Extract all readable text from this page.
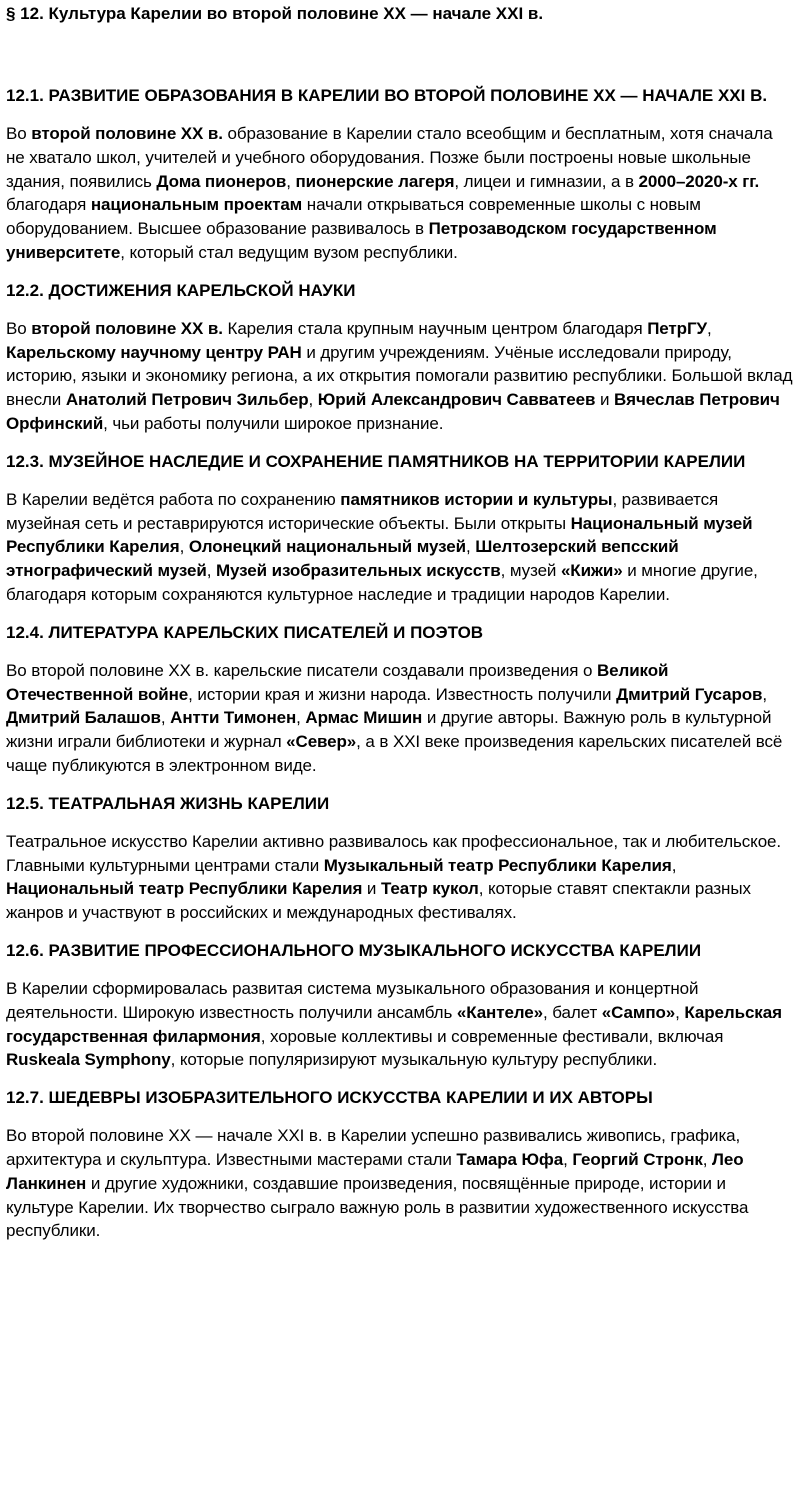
§ 12. Культура Карелии во второй половине XX — начале XXI в.
12.1. РАЗВИТИЕ ОБРАЗОВАНИЯ В КАРЕЛИИ ВО ВТОРОЙ ПОЛОВИНЕ XX — НАЧАЛЕ XXI В.
Во второй половине XX в. образование в Карелии стало всеобщим и бесплатным, хотя сначала не хватало школ, учителей и учебного оборудования. Позже были построены новые школьные здания, появились Дома пионеров, пионерские лагеря, лицеи и гимназии, а в 2000–2020-х гг. благодаря национальным проектам начали открываться современные школы с новым оборудованием. Высшее образование развивалось в Петрозаводском государственном университете, который стал ведущим вузом республики.
12.2. ДОСТИЖЕНИЯ КАРЕЛЬСКОЙ НАУКИ
Во второй половине XX в. Карелия стала крупным научным центром благодаря ПетрГУ, Карельскому научному центру РАН и другим учреждениям. Учёные исследовали природу, историю, языки и экономику региона, а их открытия помогали развитию республики. Большой вклад внесли Анатолий Петрович Зильбер, Юрий Александрович Савватеев и Вячеслав Петрович Орфинский, чьи работы получили широкое признание.
12.3. МУЗЕЙНОЕ НАСЛЕДИЕ И СОХРАНЕНИЕ ПАМЯТНИКОВ НА ТЕРРИТОРИИ КАРЕЛИИ
В Карелии ведётся работа по сохранению памятников истории и культуры, развивается музейная сеть и реставрируются исторические объекты. Были открыты Национальный музей Республики Карелия, Олонецкий национальный музей, Шелтозерский вепсский этнографический музей, Музей изобразительных искусств, музей «Кижи» и многие другие, благодаря которым сохраняются культурное наследие и традиции народов Карелии.
12.4. ЛИТЕРАТУРА КАРЕЛЬСКИХ ПИСАТЕЛЕЙ И ПОЭТОВ
Во второй половине XX в. карельские писатели создавали произведения о Великой Отечественной войне, истории края и жизни народа. Известность получили Дмитрий Гусаров, Дмитрий Балашов, Антти Тимонен, Армас Мишин и другие авторы. Важную роль в культурной жизни играли библиотеки и журнал «Север», а в XXI веке произведения карельских писателей всё чаще публикуются в электронном виде.
12.5. ТЕАТРАЛЬНАЯ ЖИЗНЬ КАРЕЛИИ
Театральное искусство Карелии активно развивалось как профессиональное, так и любительское. Главными культурными центрами стали Музыкальный театр Республики Карелия, Национальный театр Республики Карелия и Театр кукол, которые ставят спектакли разных жанров и участвуют в российских и международных фестивалях.
12.6. РАЗВИТИЕ ПРОФЕССИОНАЛЬНОГО МУЗЫКАЛЬНОГО ИСКУССТВА КАРЕЛИИ
В Карелии сформировалась развитая система музыкального образования и концертной деятельности. Широкую известность получили ансамбль «Кантеле», балет «Сампо», Карельская государственная филармония, хоровые коллективы и современные фестивали, включая Ruskeala Symphony, которые популяризируют музыкальную культуру республики.
12.7. ШЕДЕВРЫ ИЗОБРАЗИТЕЛЬНОГО ИСКУССТВА КАРЕЛИИ И ИХ АВТОРЫ
Во второй половине XX — начале XXI в. в Карелии успешно развивались живопись, графика, архитектура и скульптура. Известными мастерами стали Тамара Юфа, Георгий Стронк, Лео Ланкинен и другие художники, создавшие произведения, посвящённые природе, истории и культуре Карелии. Их творчество сыграло важную роль в развитии художественного искусства республики.
